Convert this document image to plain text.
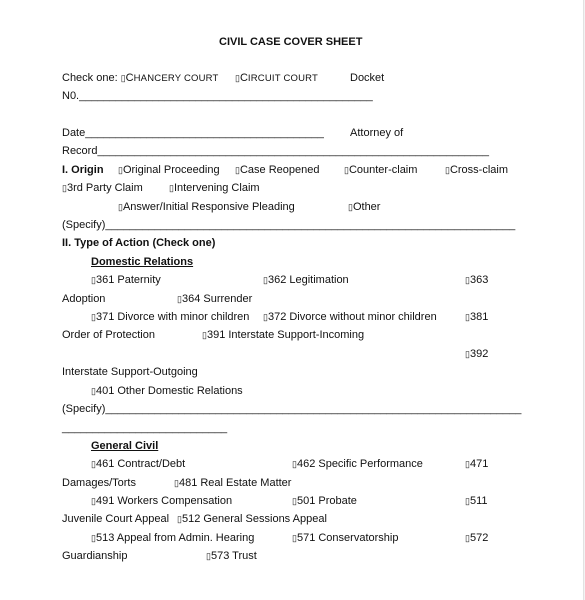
CIVIL CASE COVER SHEET
Check one: ▯CHANCERY COURT ▯CIRCUIT COURT	Docket
N0.________________________________________________
Date_______________________________________ Attorney of
Record________________________________________________________________
I. Origin ▯Original Proceeding ▯Case Reopened	▯Counter-claim	▯Cross-claim
▯3rd Party Claim	▯Intervening Claim
▯Answer/Initial Responsive Pleading	▯Other
(Specify)___________________________________________________________________
II. Type of Action (Check one)
Domestic Relations
▯361 Paternity	▯362 Legitimation	▯363
Adoption	▯364 Surrender
▯371 Divorce with minor children ▯372 Divorce without minor children	▯381
Order of Protection	▯391 Interstate Support-Incoming
▯392
Interstate Support-Outgoing
▯401 Other Domestic Relations
(Specify)____________________________________________________________________
___________________________
General Civil
▯461 Contract/Debt	▯462 Specific Performance	▯471
Damages/Torts	▯481 Real Estate Matter
▯491 Workers Compensation	▯501 Probate	▯511
Juvenile Court Appeal ▯512 General Sessions Appeal
▯513 Appeal from Admin. Hearing	▯571 Conservatorship	▯572
Guardianship	▯573 Trust
